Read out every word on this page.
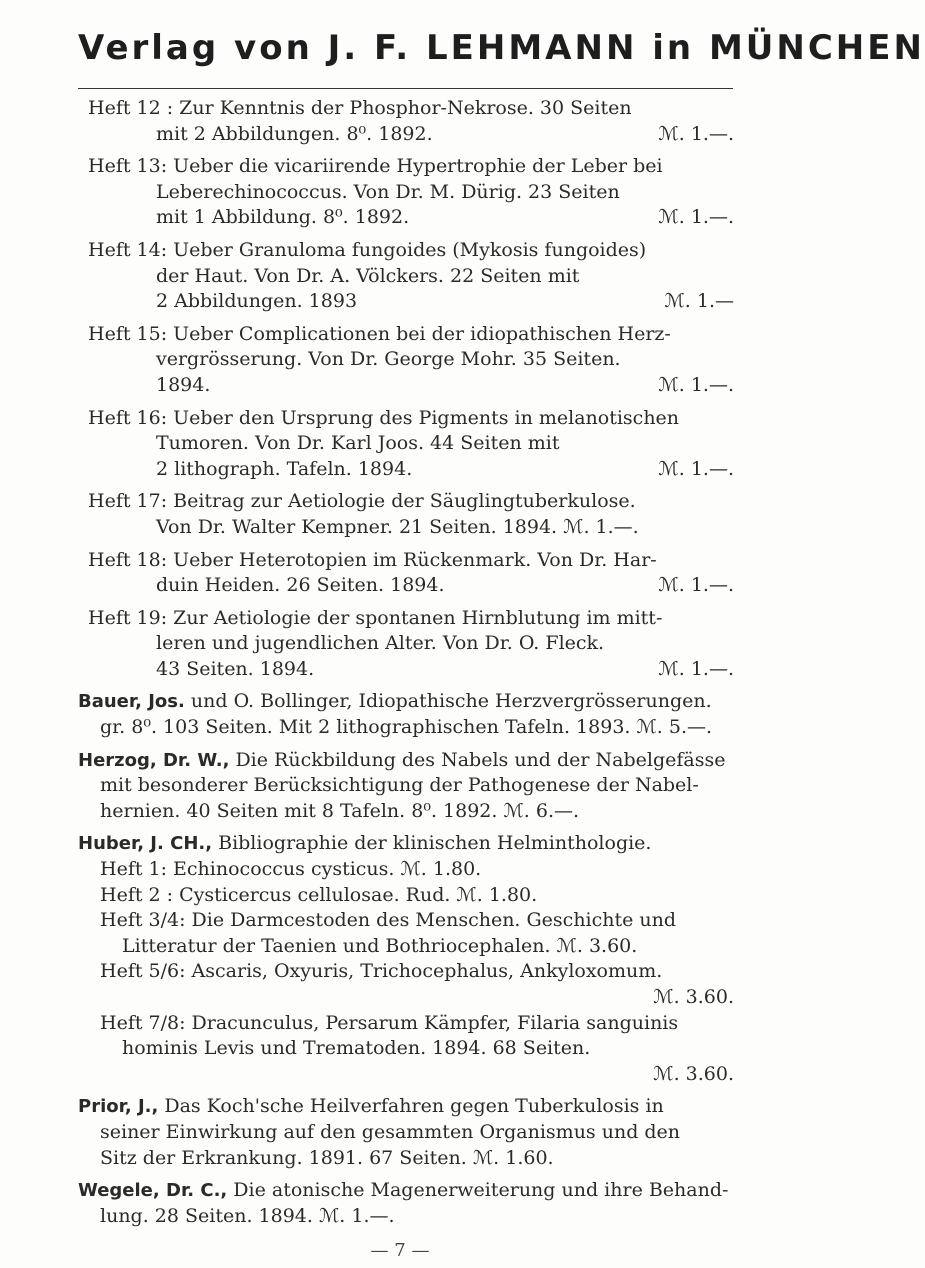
Verlag von J. F. LEHMANN in MÜNCHEN
Heft 12 : Zur Kenntnis der Phosphor-Nekrose. 30 Seiten
mit 2 Abbildungen. 8⁰. 1892.	ℳ. 1.—.
Heft 13: Ueber die vicariirende Hypertrophie der Leber bei
Leberechinococcus. Von Dr. M. Dürig. 23 Seiten
mit 1 Abbildung. 8⁰. 1892.	ℳ. 1.—.
Heft 14: Ueber Granuloma fungoides (Mykosis fungoides)
der Haut. Von Dr. A. Völckers. 22 Seiten mit
2 Abbildungen. 1893	ℳ. 1.—
Heft 15: Ueber Complicationen bei der idiopathischen Herz-
vergrösserung. Von Dr. George Mohr. 35 Seiten.
1894.	ℳ. 1.—.
Heft 16: Ueber den Ursprung des Pigments in melanotischen
Tumoren. Von Dr. Karl Joos. 44 Seiten mit
2 lithograph. Tafeln. 1894.	ℳ. 1.—.
Heft 17: Beitrag zur Aetiologie der Säuglingtuberkulose.
Von Dr. Walter Kempner. 21 Seiten. 1894. ℳ. 1.—.
Heft 18: Ueber Heterotopien im Rückenmark. Von Dr. Har-
duin Heiden. 26 Seiten. 1894.	ℳ. 1.—.
Heft 19: Zur Aetiologie der spontanen Hirnblutung im mitt-
leren und jugendlichen Alter. Von Dr. O. Fleck.
43 Seiten. 1894.	ℳ. 1.—.
Bauer, Jos. und O. Bollinger, Idiopathische Herzvergrösserungen.
gr. 8⁰. 103 Seiten. Mit 2 lithographischen Tafeln. 1893. ℳ. 5.—.
Herzog, Dr. W., Die Rückbildung des Nabels und der Nabelgefässe
mit besonderer Berücksichtigung der Pathogenese der Nabel-
hernien. 40 Seiten mit 8 Tafeln. 8⁰. 1892. ℳ. 6.—.
Huber, J. CH., Bibliographie der klinischen Helminthologie.
Heft 1: Echinococcus cysticus. ℳ. 1.80.
Heft 2 : Cysticercus cellulosae. Rud. ℳ. 1.80.
Heft 3/4: Die Darmcestoden des Menschen. Geschichte und
Litteratur der Taenien und Bothriocephalen. ℳ. 3.60.
Heft 5/6: Ascaris, Oxyuris, Trichocephalus, Ankyloxomum.
ℳ. 3.60.
Heft 7/8: Dracunculus, Persarum Kämpfer, Filaria sanguinis
hominis Levis und Trematoden. 1894. 68 Seiten.
ℳ. 3.60.
Prior, J., Das Koch'sche Heilverfahren gegen Tuberkulosis in
seiner Einwirkung auf den gesammten Organismus und den
Sitz der Erkrankung. 1891. 67 Seiten. ℳ. 1.60.
Wegele, Dr. C., Die atonische Magenerweiterung und ihre Behand-
lung. 28 Seiten. 1894. ℳ. 1.—.
— 7 —
